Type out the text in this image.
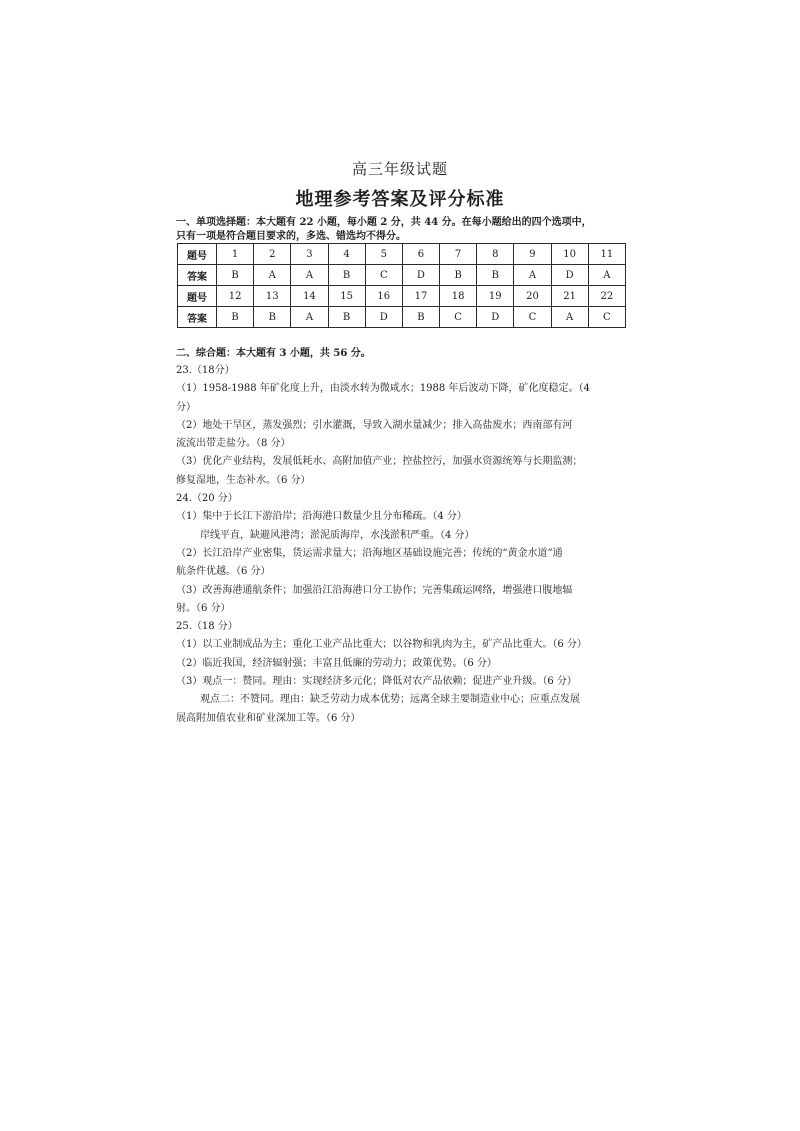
高三年级试题
地理参考答案及评分标准
一、单项选择题：本大题有 22 小题，每小题 2 分，共 44 分。在每小题给出的四个选项中，
只有一项是符合题目要求的，多选、错选均不得分。
题号	1	2	3	4	5	6	7	8	9	10	11
答案	B	A	A	B	C	D	B	B	A	D	A
题号	12	13	14	15	16	17	18	19	20	21	22
答案	B	B	A	B	D	B	C	D	C	A	C
二、综合题：本大题有 3 小题，共 56 分。
23.（18分）
（1）1958-1988 年矿化度上升，由淡水转为微咸水；1988 年后波动下降，矿化度稳定。（4
分）
（2）地处干旱区，蒸发强烈；引水灌溉，导致入湖水量减少；排入高盐废水；西南部有河
流流出带走盐分。（8 分）
（3）优化产业结构，发展低耗水、高附加值产业；控盐控污，加强水资源统筹与长期监测；
修复湿地，生态补水。（6 分）
24.（20 分）
（1）集中于长江下游沿岸；沿海港口数量少且分布稀疏。（4 分）
岸线平直，缺避风港湾；淤泥质海岸，水浅淤积严重。（4 分）
（2）长江沿岸产业密集，货运需求量大；沿海地区基础设施完善；传统的“黄金水道”通
航条件优越。（6 分）
（3）改善海港通航条件；加强沿江沿海港口分工协作；完善集疏运网络，增强港口腹地辐
射。（6 分）
25.（18 分）
（1）以工业制成品为主；重化工业产品比重大；以谷物和乳肉为主，矿产品比重大。（6 分）
（2）临近我国，经济辐射强；丰富且低廉的劳动力；政策优势。（6 分）
（3）观点一：赞同。理由：实现经济多元化；降低对农产品依赖；促进产业升级。（6 分）
观点二：不赞同。理由：缺乏劳动力成本优势；远离全球主要制造业中心；应重点发展
展高附加值农业和矿业深加工等。（6 分）
